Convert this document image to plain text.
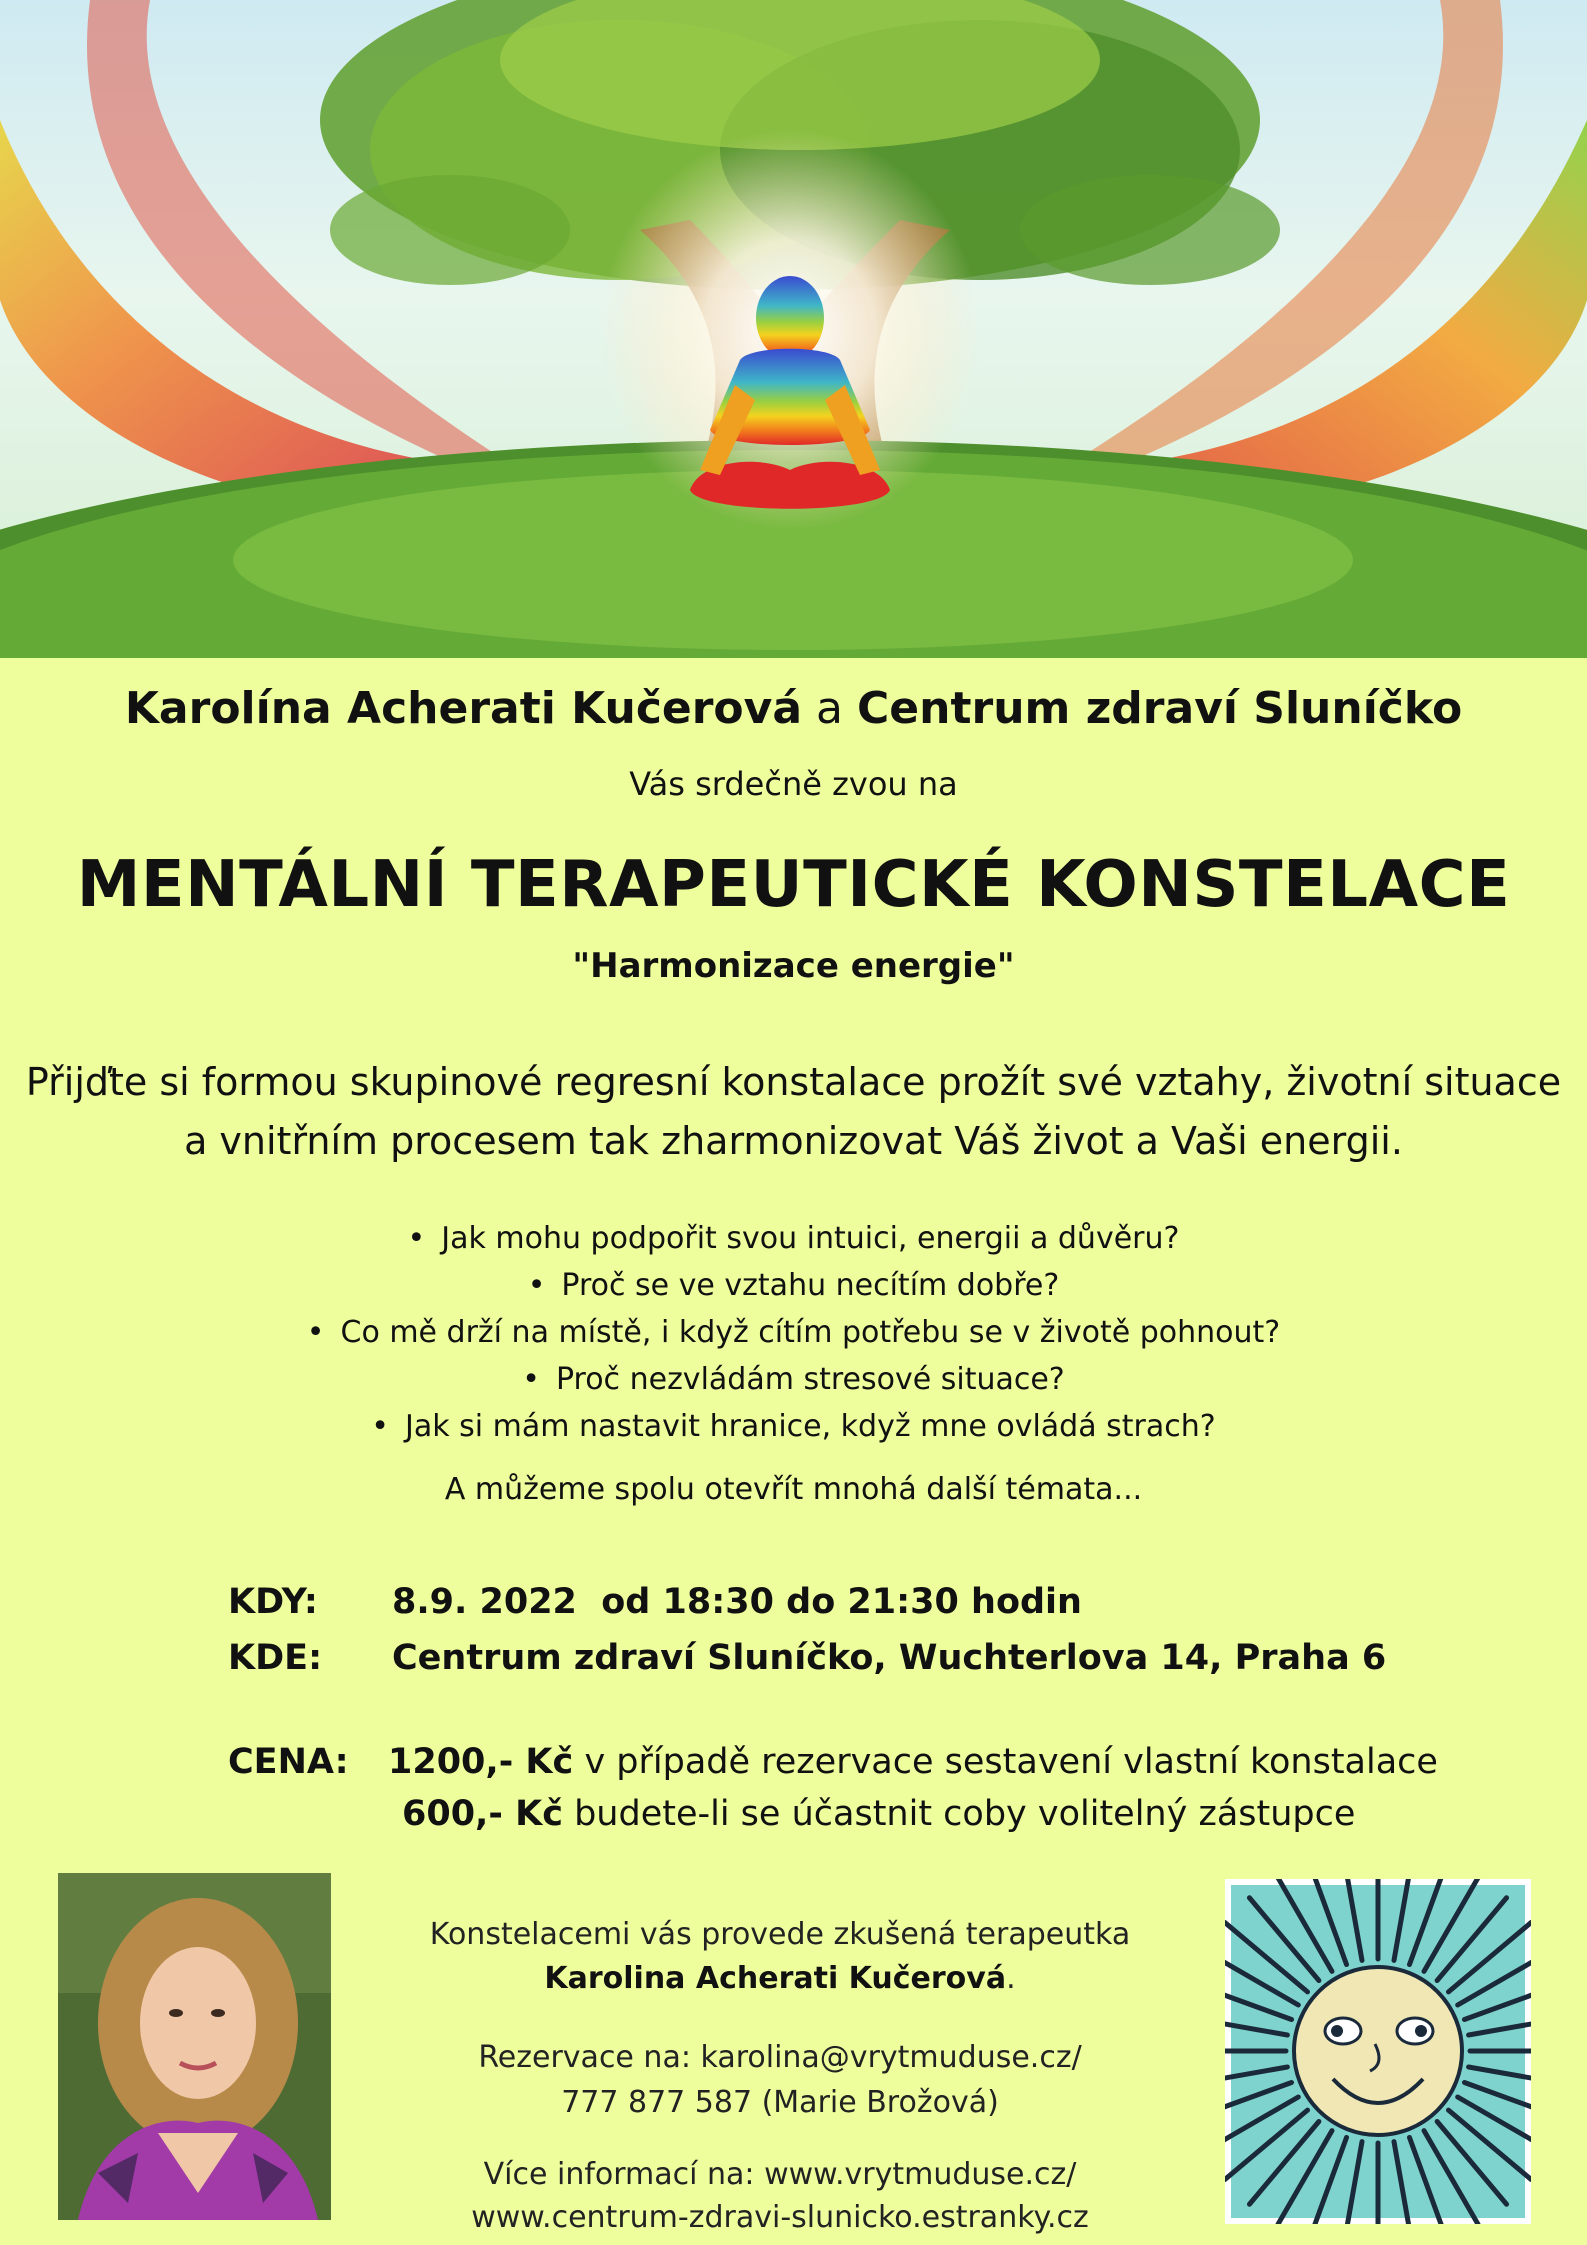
Karolína Acherati Kučerová a Centrum zdraví Sluníčko
Vás srdečně zvou na
MENTÁLNÍ TERAPEUTICKÉ KONSTELACE
"Harmonizace energie"
Přijďte si formou skupinové regresní konstalace prožít své vztahy, životní situace
a vnitřním procesem tak zharmonizovat Váš život a Vaši energii.
• Jak mohu podpořit svou intuici, energii a důvěru?
• Proč se ve vztahu necítím dobře?
• Co mě drží na místě, i když cítím potřebu se v životě pohnout?
• Proč nezvládám stresové situace?
• Jak si mám nastavit hranice, když mne ovládá strach?
A můžeme spolu otevřít mnohá další témata...
KDY: 8.9. 2022  od 18:30 do 21:30 hodin
KDE: Centrum zdraví Sluníčko, Wuchterlova 14, Praha 6
CENA: 1200,- Kč v případě rezervace sestavení vlastní konstalace
600,- Kč budete-li se účastnit coby volitelný zástupce
Konstelacemi vás provede zkušená terapeutka
Karolina Acherati Kučerová.
Rezervace na: karolina@vrytmuduse.cz/
777 877 587 (Marie Brožová)
Více informací na: www.vrytmuduse.cz/
www.centrum-zdravi-slunicko.estranky.cz
